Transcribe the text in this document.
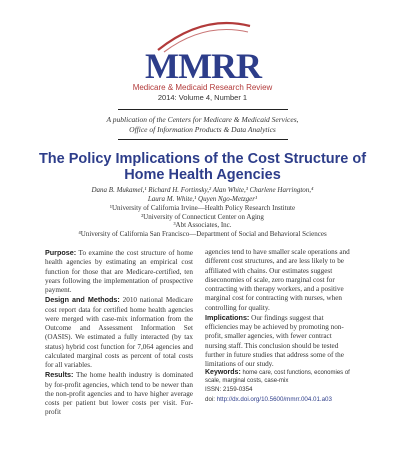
MMRR
Medicare & Medicaid Research Review
2014: Volume 4, Number 1
A publication of the Centers for Medicare & Medicaid Services,
Office of Information Products & Data Analytics
The Policy Implications of the Cost Structure of Home Health Agencies
Dana B. Mukamel,¹ Richard H. Fortinsky,² Alan White,³ Charlene Harrington,⁴
Laura M. White,¹ Quyen Ngo-Metzger¹
¹University of California Irvine—Health Policy Research Institute
²University of Connecticut Center on Aging
³Abt Associates, Inc.
⁴University of California San Francisco—Department of Social and Behavioral Sciences

Purpose: To examine the cost structure of home health agencies by estimating an empirical cost function for those that are Medicare-certified, ten years following the implementation of prospective payment.

Design and Methods: 2010 national Medicare cost report data for certified home health agencies were merged with case-mix information from the Outcome and Assessment Information Set (OASIS). We estimated a fully interacted (by tax status) hybrid cost function for 7,064 agencies and calculated marginal costs as percent of total costs for all variables.

Results: The home health industry is dominated by for-profit agencies, which tend to be newer than the non-profit agencies and to have higher average costs per patient but lower costs per visit. For-profit

agencies tend to have smaller scale operations and different cost structures, and are less likely to be affiliated with chains. Our estimates suggest diseconomies of scale, zero marginal cost for contracting with therapy workers, and a positive marginal cost for contracting with nurses, when controlling for quality.

Implications: Our findings suggest that efficiencies may be achieved by promoting non-profit, smaller agencies, with fewer contract nursing staff. This conclusion should be tested further in future studies that address some of the limitations of our study.

Keywords: home care, cost functions, economies of scale, marginal costs, case-mix

ISSN: 2159-0354

doi: http://dx.doi.org/10.5600/mmrr.004.01.a03
